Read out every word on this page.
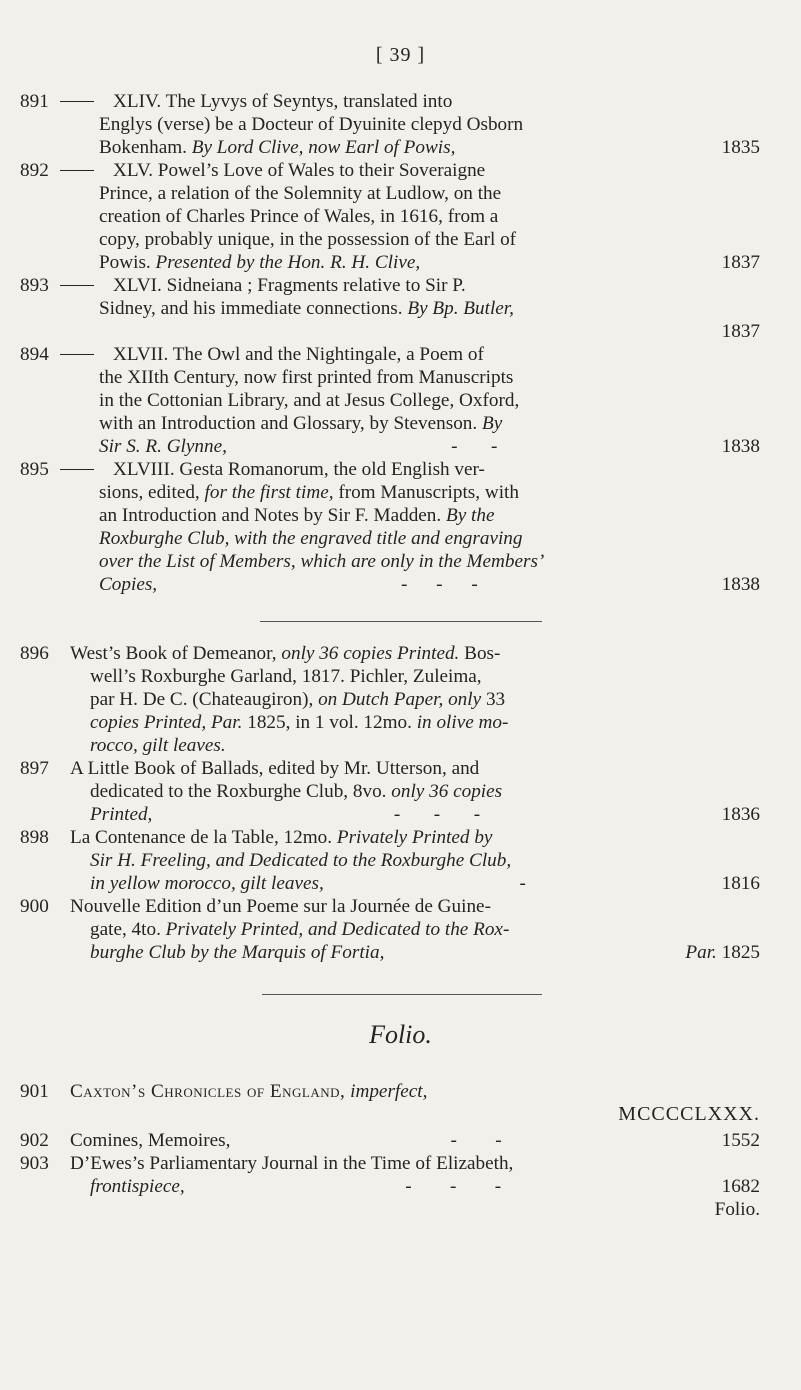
[ 39 ]
891	XLIV. The Lyvys of Seyntys, translated into
Englys (verse) be a Docteur of Dyuinite clepyd Osborn
Bokenham. By Lord Clive, now Earl of Powis,	1835
892	XLV. Powel’s Love of Wales to their Soveraigne
Prince, a relation of the Solemnity at Ludlow, on the
creation of Charles Prince of Wales, in 1616, from a
copy, probably unique, in the possession of the Earl of
Powis. Presented by the Hon. R. H. Clive,	1837
893	XLVI. Sidneiana ; Fragments relative to Sir P.
Sidney, and his immediate connections. By Bp. Butler,
1837
894	XLVII. The Owl and the Nightingale, a Poem of
the XIIth Century, now first printed from Manuscripts
in the Cottonian Library, and at Jesus College, Oxford,
with an Introduction and Glossary, by Stevenson. By
Sir S. R. Glynne,	-       -	1838
895	XLVIII. Gesta Romanorum, the old English ver-
sions, edited, for the first time, from Manuscripts, with
an Introduction and Notes by Sir F. Madden. By the
Roxburghe Club, with the engraved title and engraving
over the List of Members, which are only in the Members’
Copies,	-      -      -	1838
896	West’s Book of Demeanor, only 36 copies Printed. Bos-
well’s Roxburghe Garland, 1817. Pichler, Zuleima,
par H. De C. (Chateaugiron), on Dutch Paper, only 33
copies Printed, Par. 1825, in 1 vol. 12mo. in olive mo-
rocco, gilt leaves.
897	A Little Book of Ballads, edited by Mr. Utterson, and
dedicated to the Roxburghe Club, 8vo. only 36 copies
Printed,	-       -       -	1836
898	La Contenance de la Table, 12mo. Privately Printed by
Sir H. Freeling, and Dedicated to the Roxburghe Club,
in yellow morocco, gilt leaves,	-	1816
900	Nouvelle Edition d’un Poeme sur la Journée de Guine-
gate, 4to. Privately Printed, and Dedicated to the Rox-
burghe Club by the Marquis of Fortia,	Par. 1825
Folio.
901	Caxton’s Chronicles of England, imperfect,
MCCCCLXXX.
902	Comines, Memoires,	-        -	1552
903	D’Ewes’s Parliamentary Journal in the Time of Elizabeth,
frontispiece,	-        -        -	1682
Folio.
